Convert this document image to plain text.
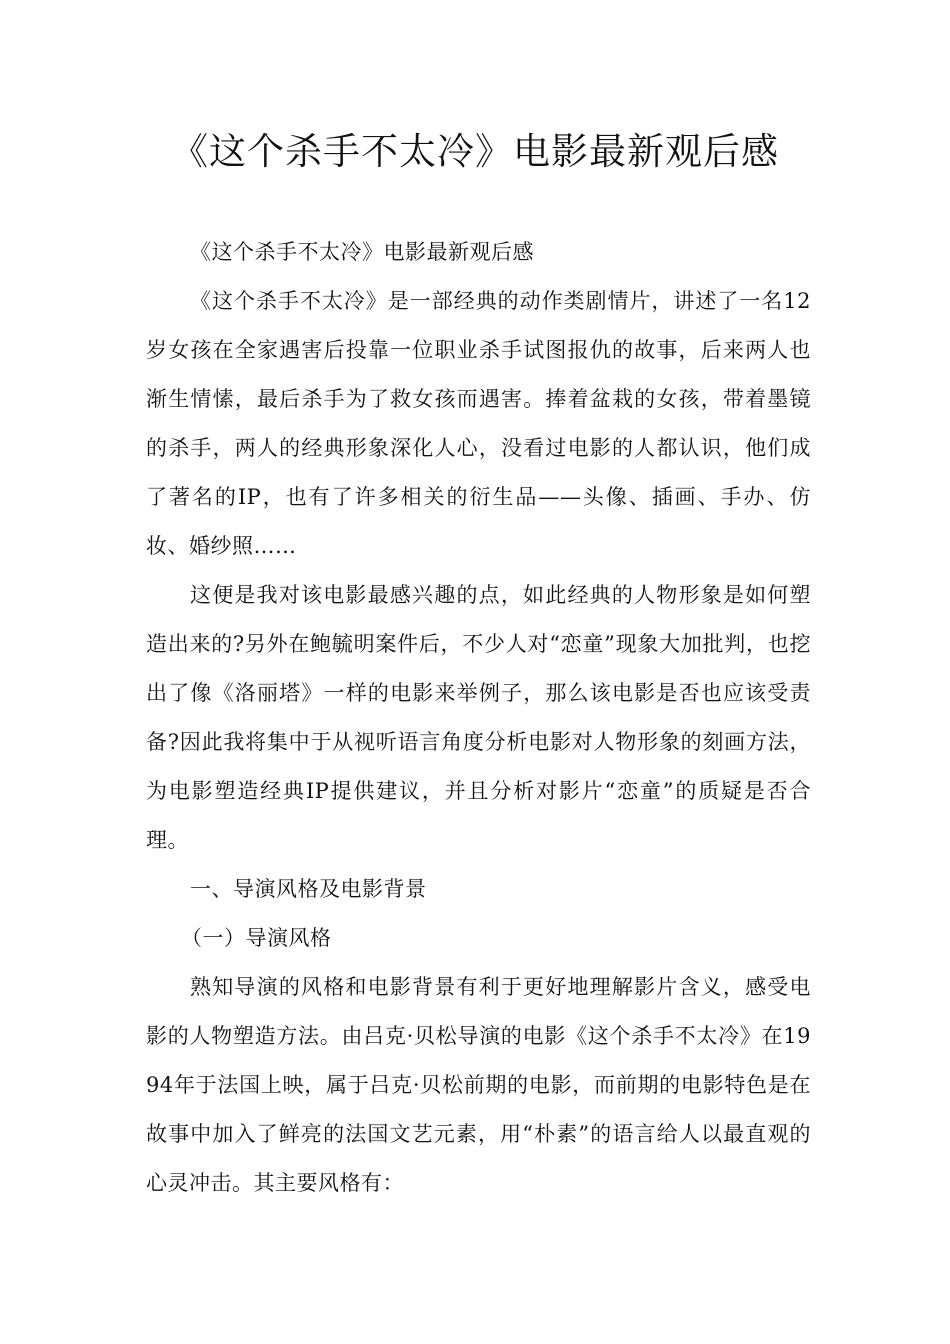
《这个杀手不太冷》电影最新观后感

《这个杀手不太冷》电影最新观后感

《这个杀手不太冷》是一部经典的动作类剧情片，讲述了一名12岁女孩在全家遇害后投靠一位职业杀手试图报仇的故事，后来两人也渐生情愫，最后杀手为了救女孩而遇害。捧着盆栽的女孩，带着墨镜的杀手，两人的经典形象深化人心，没看过电影的人都认识，他们成了著名的IP，也有了许多相关的衍生品——头像、插画、手办、仿妆、婚纱照……

这便是我对该电影最感兴趣的点，如此经典的人物形象是如何塑造出来的?另外在鲍毓明案件后，不少人对“恋童”现象大加批判，也挖出了像《洛丽塔》一样的电影来举例子，那么该电影是否也应该受责备?因此我将集中于从视听语言角度分析电影对人物形象的刻画方法，为电影塑造经典IP提供建议，并且分析对影片“恋童”的质疑是否合理。

一、导演风格及电影背景

（一）导演风格

熟知导演的风格和电影背景有利于更好地理解影片含义，感受电影的人物塑造方法。由吕克·贝松导演的电影《这个杀手不太冷》在1994年于法国上映，属于吕克·贝松前期的电影，而前期的电影特色是在故事中加入了鲜亮的法国文艺元素，用“朴素”的语言给人以最直观的心灵冲击。其主要风格有：
